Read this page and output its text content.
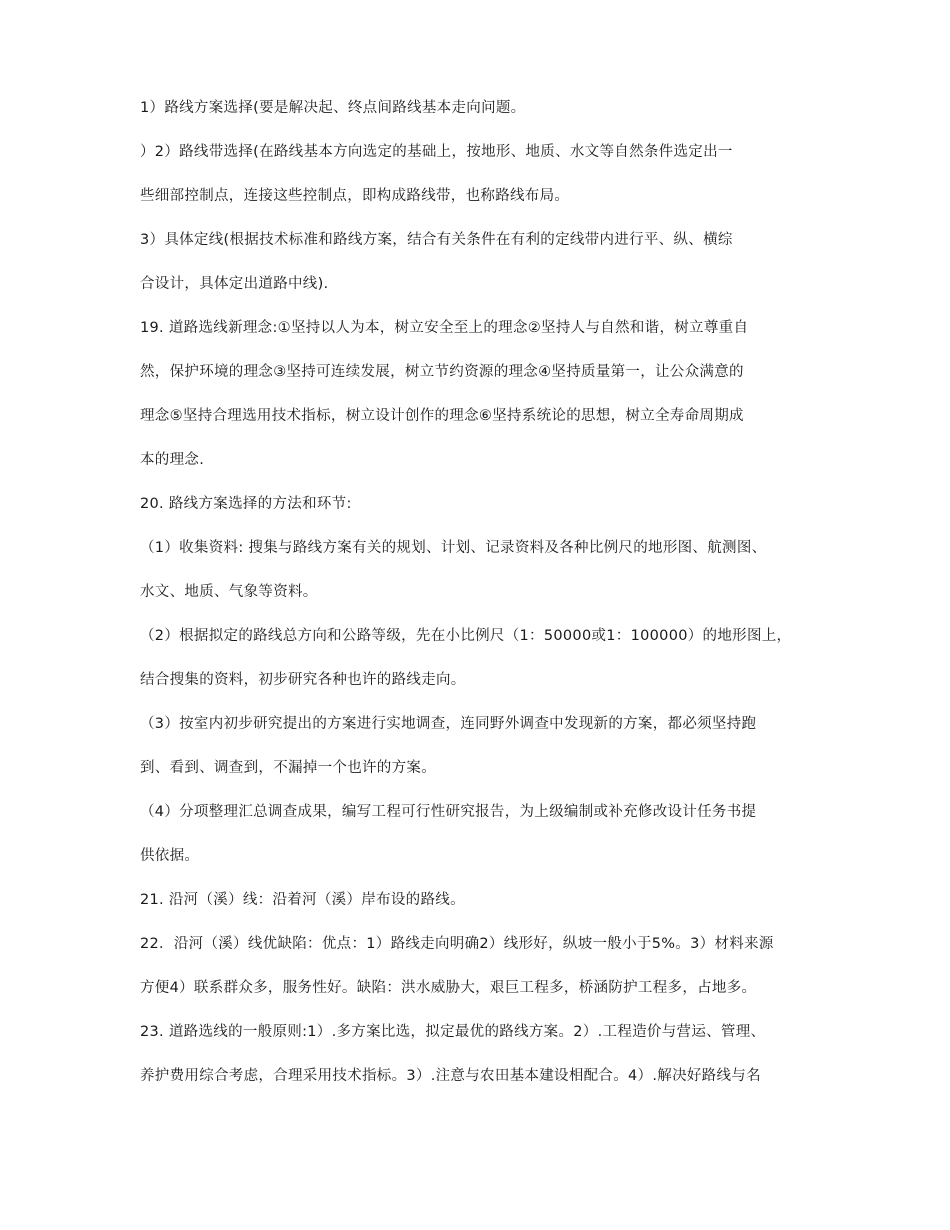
1）路线方案选择(要是解决起、终点间路线基本走向问题。
）2）路线带选择(在路线基本方向选定的基础上，按地形、地质、水文等自然条件选定出一
些细部控制点，连接这些控制点，即构成路线带，也称路线布局。
3）具体定线(根据技术标准和路线方案，结合有关条件在有利的定线带内进行平、纵、横综
合设计，具体定出道路中线).
19. 道路选线新理念:①坚持以人为本，树立安全至上的理念②坚持人与自然和谐，树立尊重自
然，保护环境的理念③坚持可连续发展，树立节约资源的理念④坚持质量第一，让公众满意的
理念⑤坚持合理选用技术指标，树立设计创作的理念⑥坚持系统论的思想，树立全寿命周期成
本的理念.
20. 路线方案选择的方法和环节:
（1）收集资料: 搜集与路线方案有关的规划、计划、记录资料及各种比例尺的地形图、航测图、
水文、地质、气象等资料。
（2）根据拟定的路线总方向和公路等级，先在小比例尺（1：50000或1：100000）的地形图上，
结合搜集的资料，初步研究各种也许的路线走向。
（3）按室内初步研究提出的方案进行实地调查，连同野外调查中发现新的方案，都必须坚持跑
到、看到、调查到，不漏掉一个也许的方案。
（4）分项整理汇总调查成果，编写工程可行性研究报告，为上级编制或补充修改设计任务书提
供依据。
21. 沿河（溪）线：沿着河（溪）岸布设的路线。
22．沿河（溪）线优缺陷：优点：1）路线走向明确2）线形好，纵坡一般小于5%。3）材料来源
方便4）联系群众多，服务性好。缺陷：洪水威胁大，艰巨工程多，桥涵防护工程多，占地多。
23. 道路选线的一般原则:1）.多方案比选，拟定最优的路线方案。2）.工程造价与营运、管理、
养护费用综合考虑，合理采用技术指标。3）.注意与农田基本建设相配合。4）.解决好路线与名
